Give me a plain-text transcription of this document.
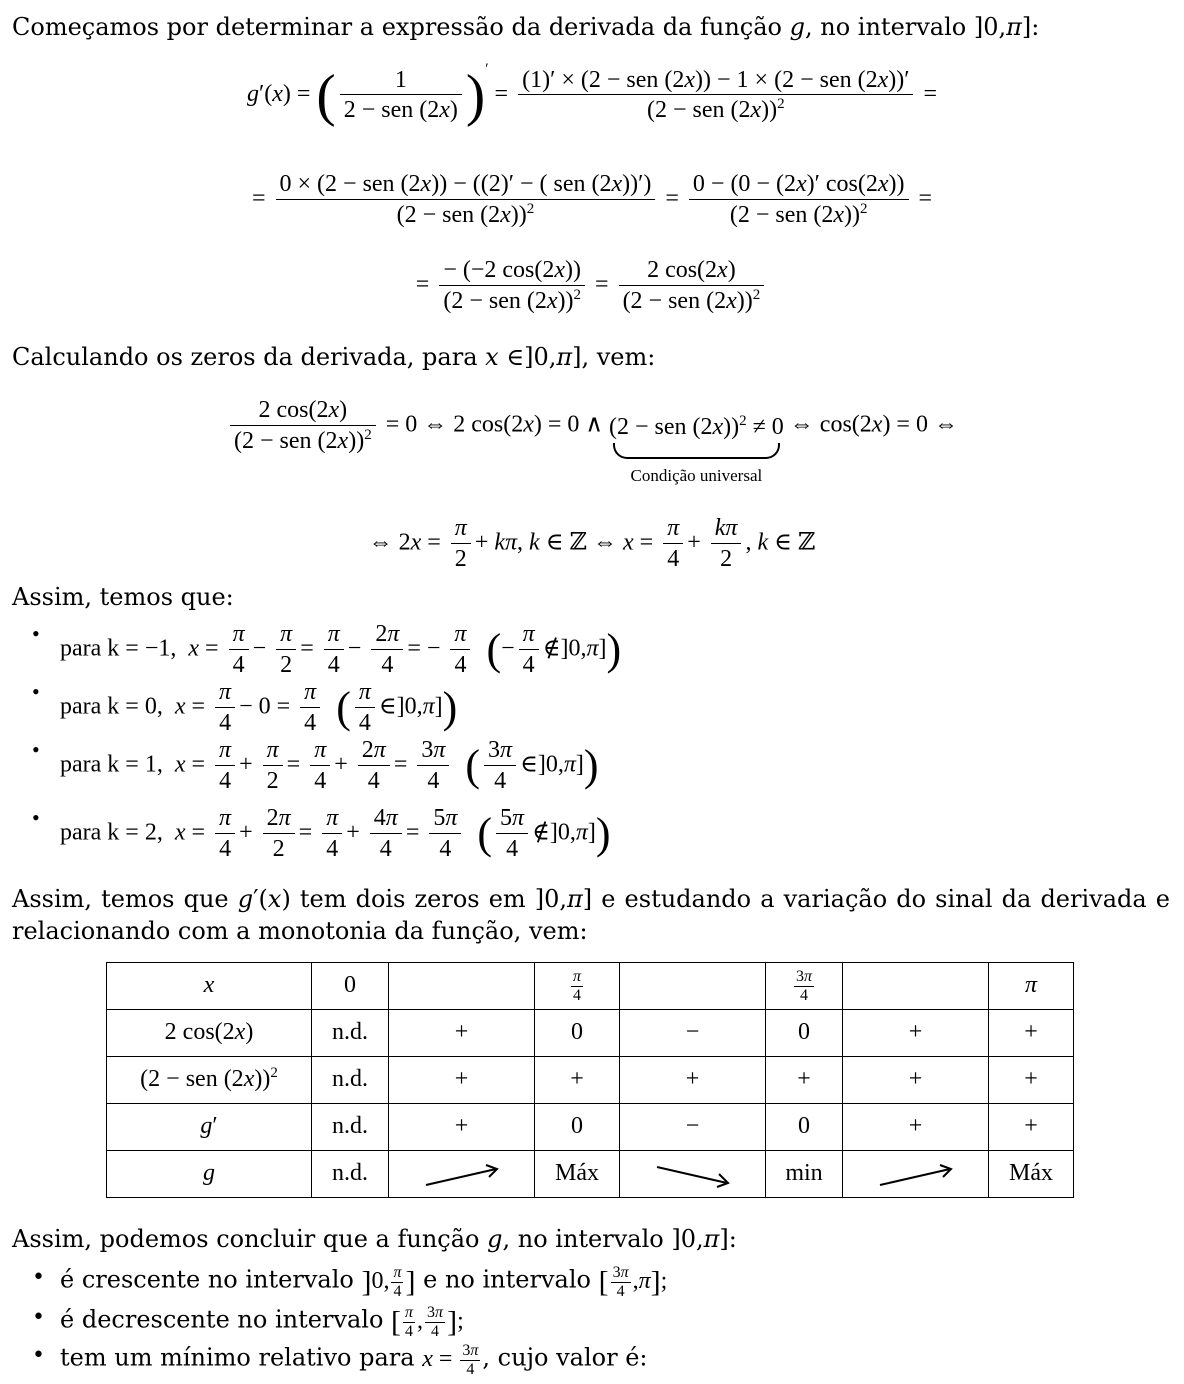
Começamos por determinar a expressão da derivada da função g, no intervalo ]0,π]:
g′(x) = ( $\frac{1}{\text{2 − sen (2x)}} )' = \frac{\text{(1)′ × (2 − sen (2x)) − 1 × (2 − sen (2x))′}}{(2 - sen (2x))^2}$ =
= $\frac{\text{0 × (2 − sen (2x)) − ((2)′ − ( sen (2x))′)}}{(2 - sen (2x))^2} = \frac{0 - (0 - (2x)' \cos(2x))}{(2 - sen (2x))^2}$ =
= $\frac{- (-2 \cos(2x))}{(2 - sen (2x))^2} = \frac{2 \cos(2x)}{(2 - sen (2x))^2}$
Calculando os zeros da derivada, para x ∈]0,π], vem:
$\frac{2 \cos(2x)}{(2 - sen (2x))^2} = 0$ ⇔ 2 cos(2x) = 0 ∧ (2 − sen (2x))$^2$ ≠ 0
Condição universal
⇔ cos(2x) = 0 ⇔
⇔ $2x = \frac{\pi}{2} + k\pi$, k ∈ ℤ ⇔ $x = \frac{\pi}{4} + \frac{k\pi}{2}$ , k ∈ ℤ
Assim, temos que:
• para k = −1, $x = \frac{\pi}{4} - \frac{\pi}{2} = \frac{\pi}{4} - \frac{2\pi}{4}$ = − $\frac{\pi}{4}$ (− $\frac{\pi}{4}$ ∉]0,π])
• para k = 0, $x = \frac{\pi}{4} - 0 = \frac{\pi}{4}$ ( $\frac{\pi}{4}$ ∈]0,π])
• para k = 1, $x = \frac{\pi}{4} + \frac{\pi}{2} = \frac{\pi}{4} + \frac{2\pi}{4} = \frac{3\pi}{4}$ ( $\frac{3\pi}{4}$ ∈]0,π])
• para k = 2, $x = \frac{\pi}{4} + \frac{2\pi}{2} = \frac{\pi}{4} + \frac{4\pi}{4} = \frac{5\pi}{4}$ ( $\frac{5\pi}{4}$ ∉]0,π])
Assim, temos que g′(x) tem dois zeros em ]0,π] e estudando a variação do sinal da derivada e
relacionando com a monotonia da função, vem:
x	0		$\frac{\pi}{4}$		$\frac{3\pi}{4}$		π
2 cos(2x)	n.d.	+	0	−	0	+	+
(2 − sen (2x))$^2$	n.d.	+	+	+	+	+	+
g′	n.d.	+	0	−	0	+	+
g	n.d.		Máx		min		Máx
Assim, podemos concluir que a função g, no intervalo ]0,π]:
• é crescente no intervalo ]0, $\frac{\pi}{4}$ ] e no intervalo [ $\frac{3\pi}{4} ,\pi$];
• é decrescente no intervalo [ $\frac{\pi}{4}$ , $\frac{3\pi}{4}$ ];
• tem um mínimo relativo para $x = \frac{3\pi}{4}$ , cujo valor é:
